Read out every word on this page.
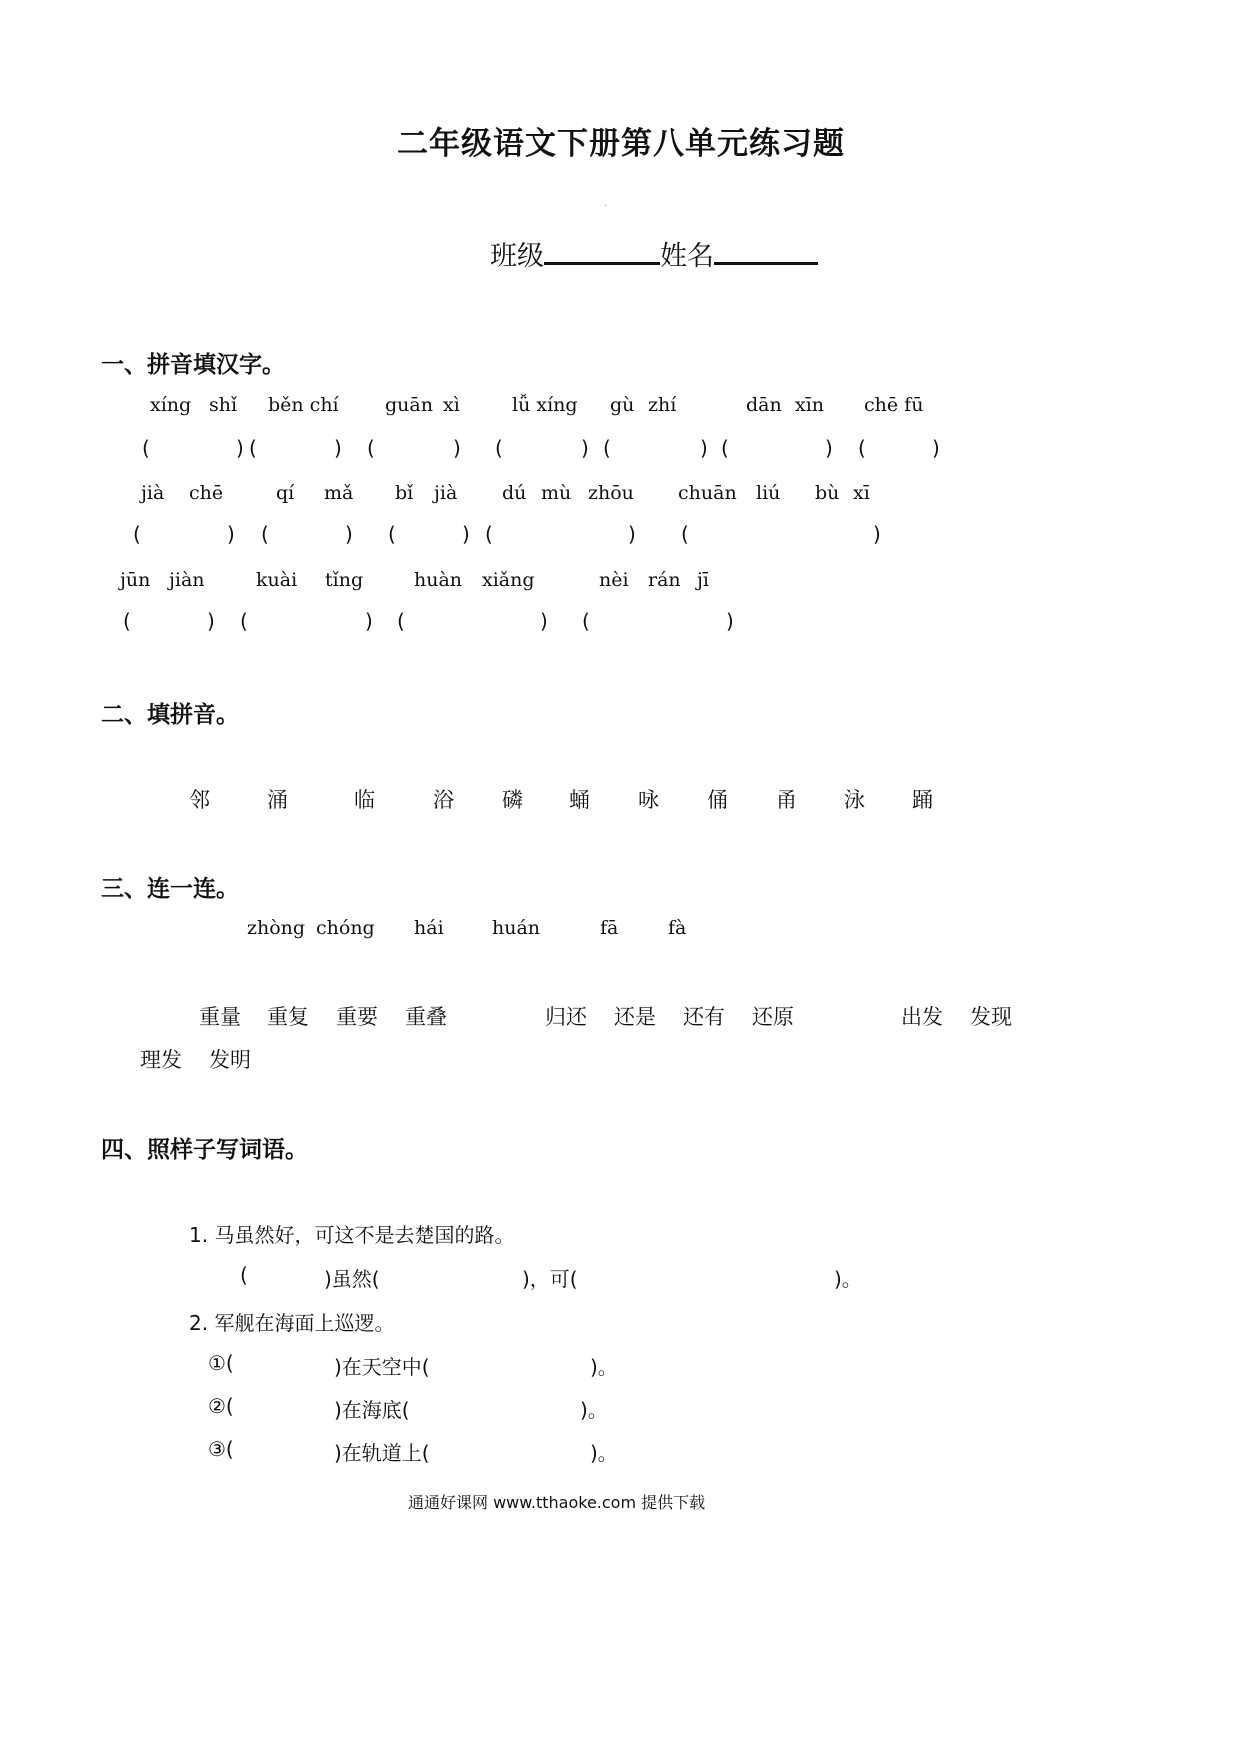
二年级语文下册第八单元练习题
.
班级	姓名
一、拼音填汉字。
xíng shǐ běn chí guān xì	lǚ xíng gù zhí	dān xīn chē fū
(	) (	) (	) (	) (	) (	) (	)
jià chē	qí mǎ bǐ jià dú mù zhōu chuān liú bù xī
(	) (	) (	) (	) (	)
jūn jiàn	kuài tǐng	huàn xiǎng	nèi rán jī
(	) (	) (	) (	)
二、填拼音。
邻	涌	临	浴 磷 蛹 咏 俑 甬 泳 踊
三、连一连。
zhòng chóng hái	huán	fā	fà
重量 重复 重要 重叠	归还 还是 还有 还原	出发 发现
理发 发明
四、照样子写词语。
1. 马虽然好，可这不是去楚国的路。
(	)虽然(	)，可(	)。
2. 军舰在海面上巡逻。
①(	)在天空中(	)。
②(	)在海底(	)。
③(	)在轨道上(	)。
通通好课网 www.tthaoke.com 提供下载
